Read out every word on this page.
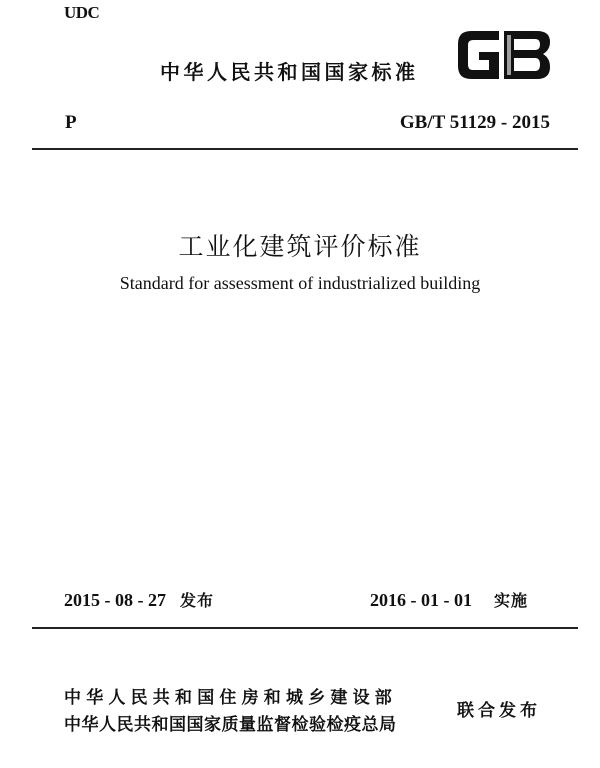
UDC
中华人民共和国国家标准
P	GB/T 51129 - 2015
工业化建筑评价标准
Standard for assessment of industrialized building
2015 - 08 - 27 发布	2016 - 01 - 01 实施
中华人民共和国住房和城乡建设部
中华人民共和国国家质量监督检验检疫总局
联合发布
